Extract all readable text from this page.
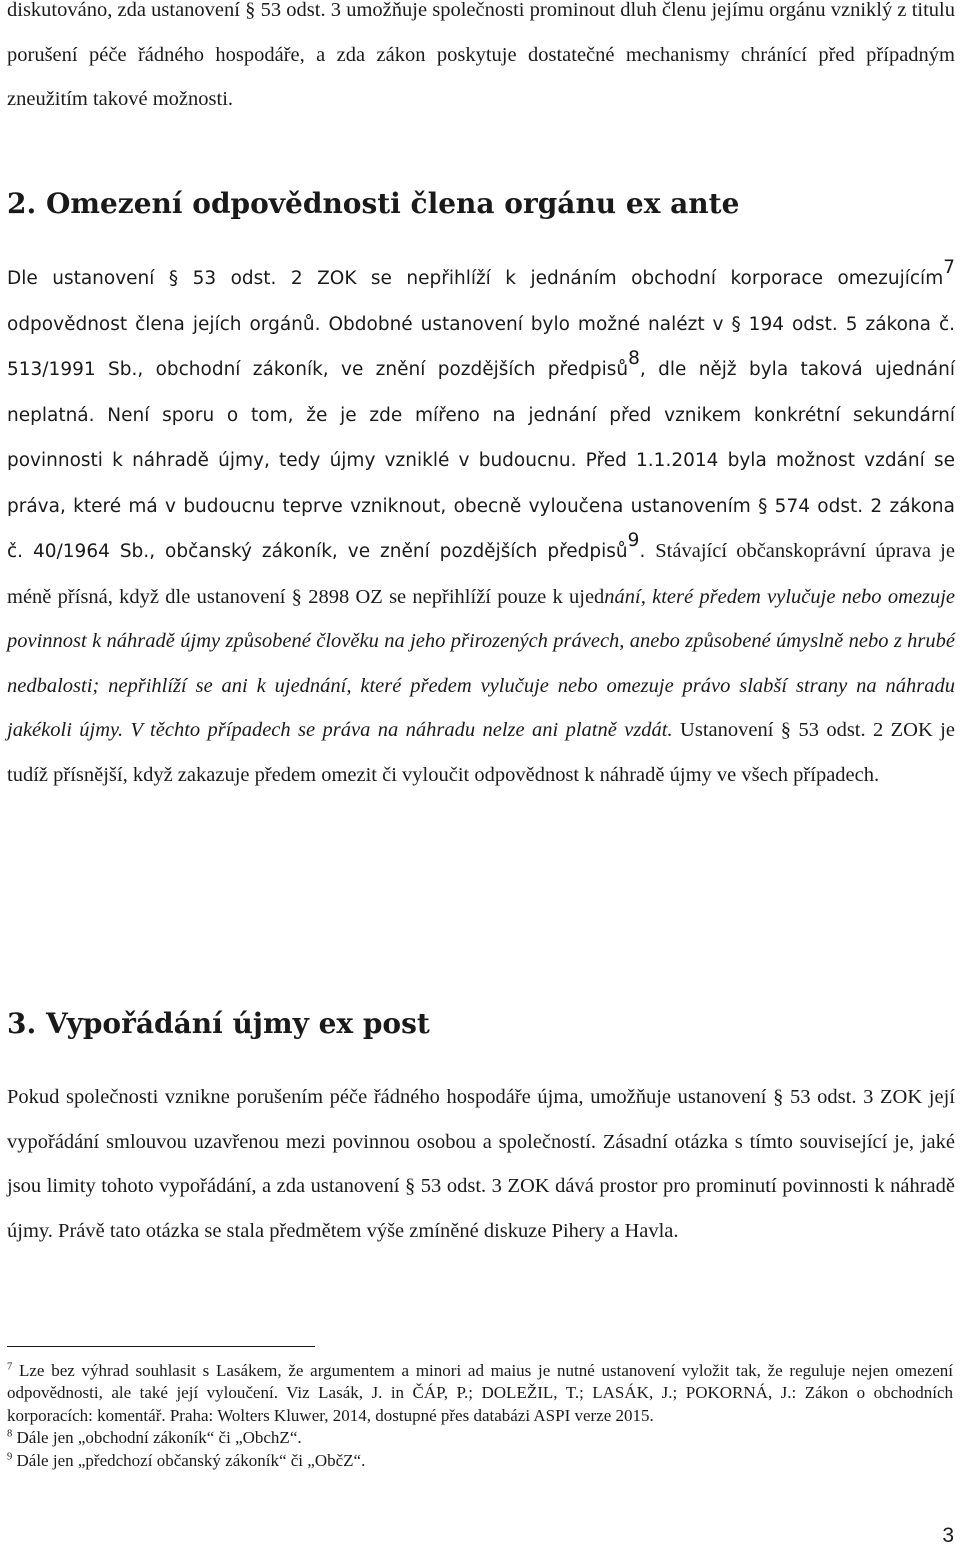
diskutováno, zda ustanovení § 53 odst. 3 umožňuje společnosti prominout dluh členu jejímu orgánu vzniklý z titulu porušení péče řádného hospodáře, a zda zákon poskytuje dostatečné mechanismy chránící před případným zneužitím takové možnosti.

2. Omezení odpovědnosti člena orgánu ex ante

Dle ustanovení § 53 odst. 2 ZOK se nepřihlíží k jednáním obchodní korporace omezujícím$^7$ odpovědnost člena jejích orgánů. Obdobné ustanovení bylo možné nalézt v § 194 odst. 5 zákona č. 513/1991 Sb., obchodní zákoník, ve znění pozdějších předpisů$^8$, dle nějž byla taková ujednání neplatná. Není sporu o tom, že je zde mířeno na jednání před vznikem konkrétní sekundární povinnosti k náhradě újmy, tedy újmy vzniklé v budoucnu. Před 1.1.2014 byla možnost vzdání se práva, které má v budoucnu teprve vzniknout, obecně vyloučena ustanovením § 574 odst. 2 zákona č. 40/1964 Sb., občanský zákoník, ve znění pozdějších předpisů$^9$. Stávající občanskoprávní úprava je méně přísná, když dle ustanovení § 2898 OZ se nepřihlíží pouze k ujednání, které předem vylučuje nebo omezuje povinnost k náhradě újmy způsobené člověku na jeho přirozených právech, anebo způsobené úmyslně nebo z hrubé nedbalosti; nepřihlíží se ani k ujednání, které předem vylučuje nebo omezuje právo slabší strany na náhradu jakékoli újmy. V těchto případech se práva na náhradu nelze ani platně vzdát. Ustanovení § 53 odst. 2 ZOK je tudíž přísnější, když zakazuje předem omezit či vyloučit odpovědnost k náhradě újmy ve všech případech.

3. Vypořádání újmy ex post

Pokud společnosti vznikne porušením péče řádného hospodáře újma, umožňuje ustanovení § 53 odst. 3 ZOK její vypořádání smlouvou uzavřenou mezi povinnou osobou a společností. Zásadní otázka s tímto související je, jaké jsou limity tohoto vypořádání, a zda ustanovení § 53 odst. 3 ZOK dává prostor pro prominutí povinnosti k náhradě újmy. Právě tato otázka se stala předmětem výše zmíněné diskuze Pihery a Havla.

$^7$ Lze bez výhrad souhlasit s Lasákem, že argumentem a minori ad maius je nutné ustanovení vyložit tak, že reguluje nejen omezení odpovědnosti, ale také její vyloučení. Viz Lasák, J. in ČÁP, P.; DOLEŽIL, T.; LASÁK, J.; POKORNÁ, J.: Zákon o obchodních korporacích: komentář. Praha: Wolters Kluwer, 2014, dostupné přes databázi ASPI verze 2015.

$^8$ Dále jen „obchodní zákoník“ či „ObchZ“.

$^9$ Dále jen „předchozí občanský zákoník“ či „ObčZ“.

3
